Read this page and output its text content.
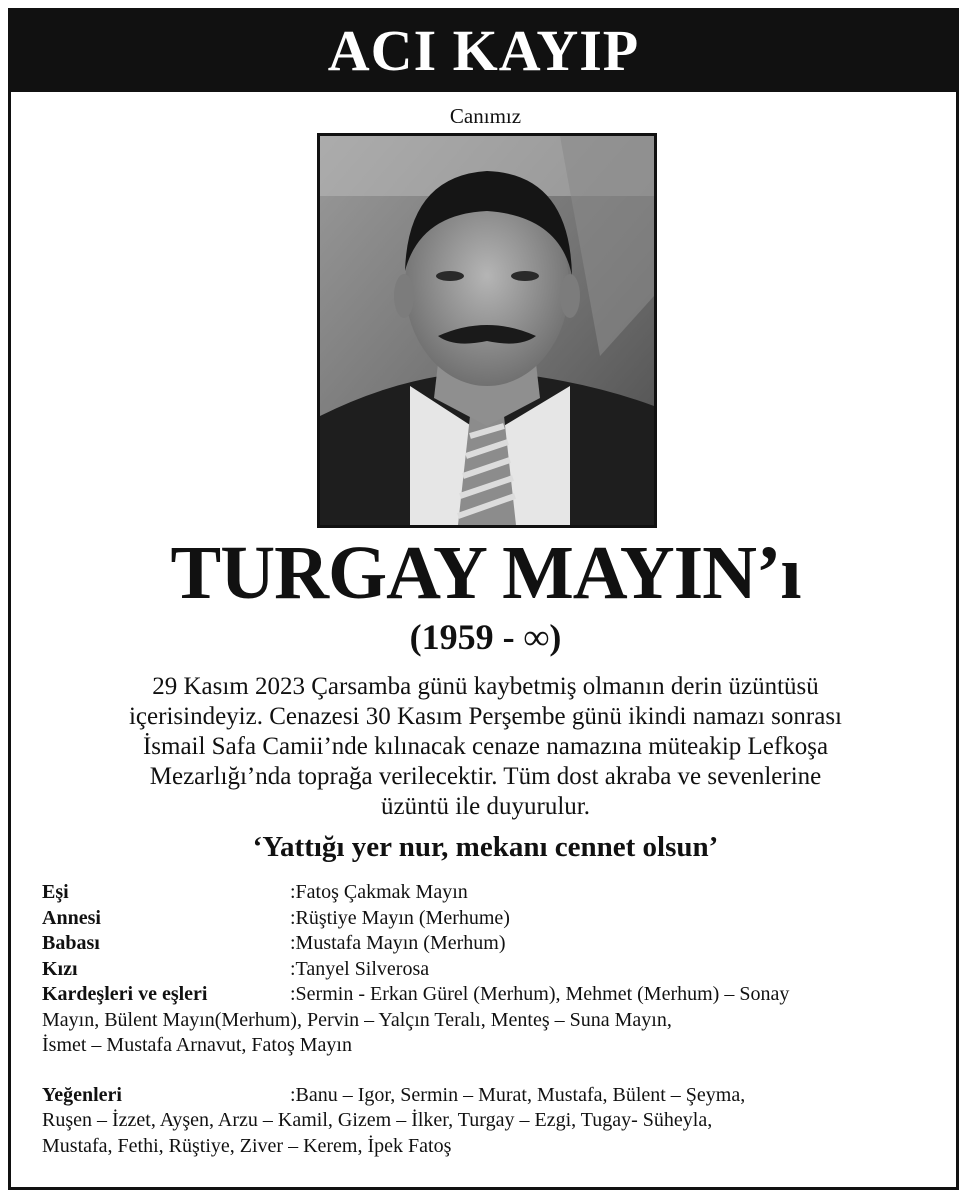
ACI KAYIP
Canımız
TURGAY MAYIN’ı
(1959 - ∞)
29 Kasım 2023 Çarsamba günü kaybetmiş olmanın derin üzüntüsü
içerisindeyiz. Cenazesi 30 Kasım Perşembe günü ikindi namazı sonrası
İsmail Safa Camii’nde kılınacak cenaze namazına müteakip Lefkoşa
Mezarlığı’nda toprağa verilecektir. Tüm dost akraba ve sevenlerine
üzüntü ile duyurulur.
‘Yattığı yer nur, mekanı cennet olsun’
Eşi	:Fatoş Çakmak Mayın
Annesi	:Rüştiye Mayın (Merhume)
Babası	:Mustafa Mayın (Merhum)
Kızı	:Tanyel Silverosa
Kardeşleri ve eşleri	:Sermin - Erkan Gürel (Merhum), Mehmet (Merhum) – Sonay
Mayın, Bülent Mayın(Merhum), Pervin – Yalçın Teralı, Menteş – Suna Mayın,
İsmet – Mustafa Arnavut, Fatoş Mayın
Yeğenleri	:Banu – Igor, Sermin – Murat, Mustafa, Bülent – Şeyma,
Ruşen – İzzet, Ayşen, Arzu – Kamil, Gizem – İlker, Turgay – Ezgi, Tugay- Süheyla,
Mustafa, Fethi, Rüştiye, Ziver – Kerem, İpek Fatoş
